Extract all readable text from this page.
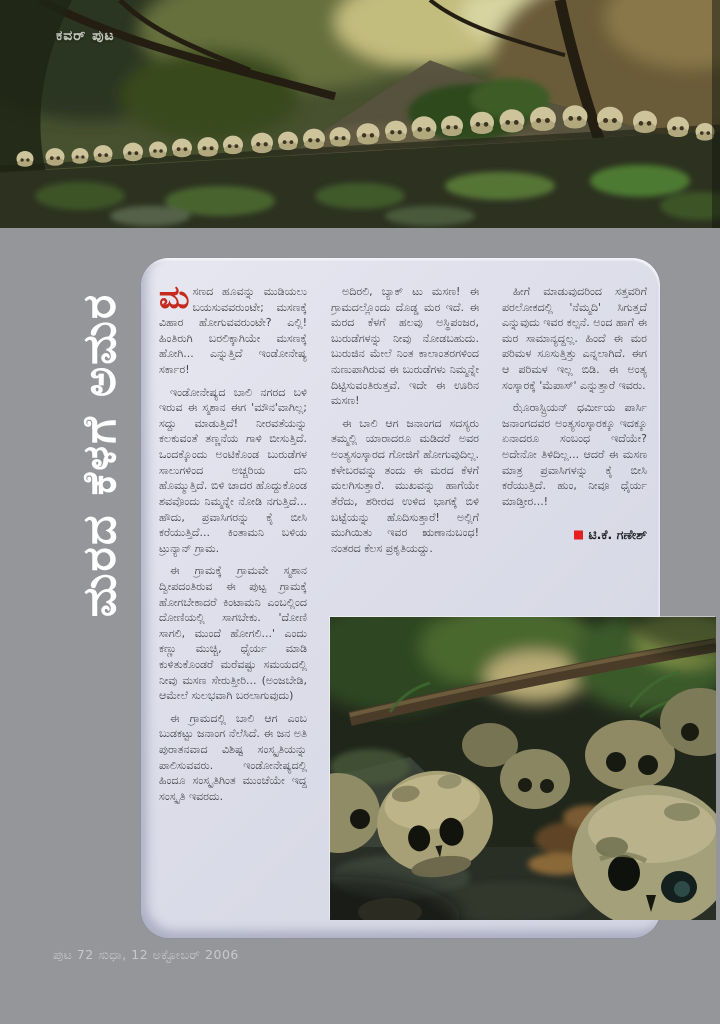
ಕವರ್ ಪುಟ
ಮರದ ಕೆಳಗೆ ಅಮರ ಮಸಣದ ಹೂವನ್ನು ಮುಡಿಯಲು ಬಯಸುವವರುಂಟೇ; ಮಸಣಕ್ಕೆ ವಿಹಾರ ಹೋಗುವವರುಂಟೇ? ಎಲ್ಲಿ! ಹಿಂತಿರುಗಿ ಬರಲಿಕ್ಕಾಗಿಯೇ ಮಸಣಕ್ಕೆ ಹೋಗಿ... ಎನ್ನುತ್ತಿದೆ ಇಂಡೋನೇಷ್ಯ ಸರ್ಕಾರ!

ಇಂಡೋನೇಷ್ಯದ ಬಾಲಿ ನಗರದ ಬಳಿ ಇರುವ ಈ ಸ್ಮಶಾನ ಈಗ 'ಮೌನ'ವಾಗಿಲ್ಲ; ಸದ್ದು ಮಾಡುತ್ತಿದೆ! ನೀರವತೆಯನ್ನು ಕಲಕುವಂತೆ ತಣ್ಣನೆಯ ಗಾಳಿ ಬೀಸುತ್ತಿದೆ. ಒಂದಕ್ಕೊಂದು ಅಂಟಿಕೊಂಡ ಬುರುಡೆಗಳ ಸಾಲುಗಳಿಂದ ಅಚ್ಚರಿಯ ದನಿ ಹೊಮ್ಮುತ್ತಿದೆ. ಬಿಳಿ ಚಾದರ ಹೊದ್ದುಕೊಂಡ ಶವವೊಂದು ನಿಮ್ಮನ್ನೇ ನೋಡಿ ನಗುತ್ತಿದೆ... ಹೌದು, ಪ್ರವಾಸಿಗರನ್ನು ಕೈ ಬೀಸಿ ಕರೆಯುತ್ತಿದೆ... ಕಿಂತಾಮನಿ ಬಳಿಯ ಟ್ರುನ್ಯಾನ್ ಗ್ರಾಮ.

ಈ ಗ್ರಾಮಕ್ಕೆ ಗ್ರಾಮವೇ ಸ್ಮಶಾನ ದ್ವೀಪದಂತಿರುವ ಈ ಪುಟ್ಟ ಗ್ರಾಮಕ್ಕೆ ಹೋಗಬೇಕಾದರೆ ಕಿಂಟಾಮನಿ ಎಂಬಲ್ಲಿಂದ ದೋಣಿಯಲ್ಲಿ ಸಾಗಬೇಕು. 'ದೋಣಿ ಸಾಗಲಿ, ಮುಂದೆ ಹೋಗಲಿ...' ಎಂದು ಕಣ್ಣು ಮುಚ್ಚಿ, ಧೈರ್ಯ ಮಾಡಿ ಕುಳಿತುಕೊಂಡರೆ ಮರೆವಷ್ಟು ಸಮಯದಲ್ಲಿ ನೀವು ಮಸಣ ಸೇರುತ್ತೀರಿ... (ಅಂಜಬೇಡಿ, ಆಮೇಲೆ ಸುಲಭವಾಗಿ ಬರಲಾಗುವುದು)

ಈ ಗ್ರಾಮದಲ್ಲಿ ಬಾಲಿ ಆಗ ಎಂಬ ಬುಡಕಟ್ಟು ಜನಾಂಗ ನೆಲೆಸಿದೆ. ಈ ಜನ ಅತಿ ಪುರಾತನವಾದ ವಿಶಿಷ್ಟ ಸಂಸ್ಕೃತಿಯನ್ನು ಪಾಲಿಸುವವರು. ಇಂಡೋನೇಷ್ಯದಲ್ಲಿ ಹಿಂದೂ ಸಂಸ್ಕೃತಿಗಿಂತ ಮುಂಚೆಯೇ ಇದ್ದ ಸಂಸ್ಕೃತಿ ಇವರದು.

ಅದಿರಲಿ, ಬ್ಯಾಕ್ ಟು ಮಸಣ! ಈ ಗ್ರಾಮದಲ್ಲೊಂದು ದೊಡ್ಡ ಮರ ಇದೆ. ಈ ಮರದ ಕೆಳಗೆ ಹಲವು ಅಸ್ಥಿಪಂಜರ, ಬುರುಡೆಗಳನ್ನು ನೀವು ನೋಡಬಹುದು. ಬುರುಜಿನ ಮೇಲೆ ನಿಂತ ಕಾಲಾಂತರಗಳಿಂದ ನುಣುಪಾಗಿರುವ ಈ ಬುರುಡೆಗಳು ನಿಮ್ಮನ್ನೇ ದಿಟ್ಟಿಸುವಂತಿರುತ್ತವೆ. ಇದೇ ಈ ಊರಿನ ಮಸಣ!

ಈ ಬಾಲಿ ಆಗ ಜನಾಂಗದ ಸದಸ್ಯರು ತಮ್ಮಲ್ಲಿ ಯಾರಾದರೂ ಮಡಿದರೆ ಅವರ ಅಂತ್ಯಸಂಸ್ಕಾರದ ಗೋಜಿಗೆ ಹೋಗುವುದಿಲ್ಲ. ಕಳೇಬರವನ್ನು ತಂದು ಈ ಮರದ ಕೆಳಗೆ ಮಲಗಿಸುತ್ತಾರೆ. ಮುಖವನ್ನು ಹಾಗೆಯೇ ತೆರೆದು, ಶರೀರದ ಉಳಿದ ಭಾಗಕ್ಕೆ ಬಿಳಿ ಬಟ್ಟೆಯನ್ನು ಹೊದಿಸುತ್ತಾರೆ! ಅಲ್ಲಿಗೆ ಮುಗಿಯಿತು ಇವರ ಋಣಾನುಬಂಧ! ನಂತರದ ಕೆಲಸ ಪ್ರಕೃತಿಯದ್ದು.

ಹೀಗೆ ಮಾಡುವುದರಿಂದ ಸತ್ತವರಿಗೆ ಪರಲೋಕದಲ್ಲಿ 'ನೆಮ್ಮದಿ' ಸಿಗುತ್ತದೆ ಎನ್ನುವುದು ಇವರ ಕಲ್ಪನೆ. ಅಂದ ಹಾಗೆ ಈ ಮರ ಸಾಮಾನ್ಯದ್ದಲ್ಲ. ಹಿಂದೆ ಈ ಮರ ಪರಿಮಳ ಸೂಸುತ್ತಿತ್ತು ಎನ್ನಲಾಗಿದೆ. ಈಗ ಆ ಪರಿಮಳ ಇಲ್ಲ ಬಿಡಿ. ಈ ಅಂತ್ಯ ಸಂಸ್ಕಾರಕ್ಕೆ 'ಮೆಪಾಸ್' ಎನ್ನುತ್ತಾರೆ ಇವರು.

ಝೊರಾಸ್ಟ್ರಿಯನ್ ಧರ್ಮೀಯ ಪಾರ್ಸಿ ಜನಾಂಗದವರ ಅಂತ್ಯಸಂಸ್ಕಾರಕ್ಕೂ ಇದಕ್ಕೂ ಏನಾದರೂ ಸಂಬಂಧ ಇದೆಯೇ? ಅದೇನೋ ತಿಳಿದಿಲ್ಲ... ಆದರೆ ಈ ಮಸಣ ಮಾತ್ರ ಪ್ರವಾಸಿಗಳನ್ನು ಕೈ ಬೀಸಿ ಕರೆಯುತ್ತಿದೆ. ಹುಂ, ನೀವೂ ಧೈರ್ಯ ಮಾಡ್ತೀರ...!

ಟಿ.ಕೆ. ಗಣೇಶ್
ಪುಟ 72 ಸುಧಾ, 12 ಅಕ್ಟೋಬರ್ 2006
